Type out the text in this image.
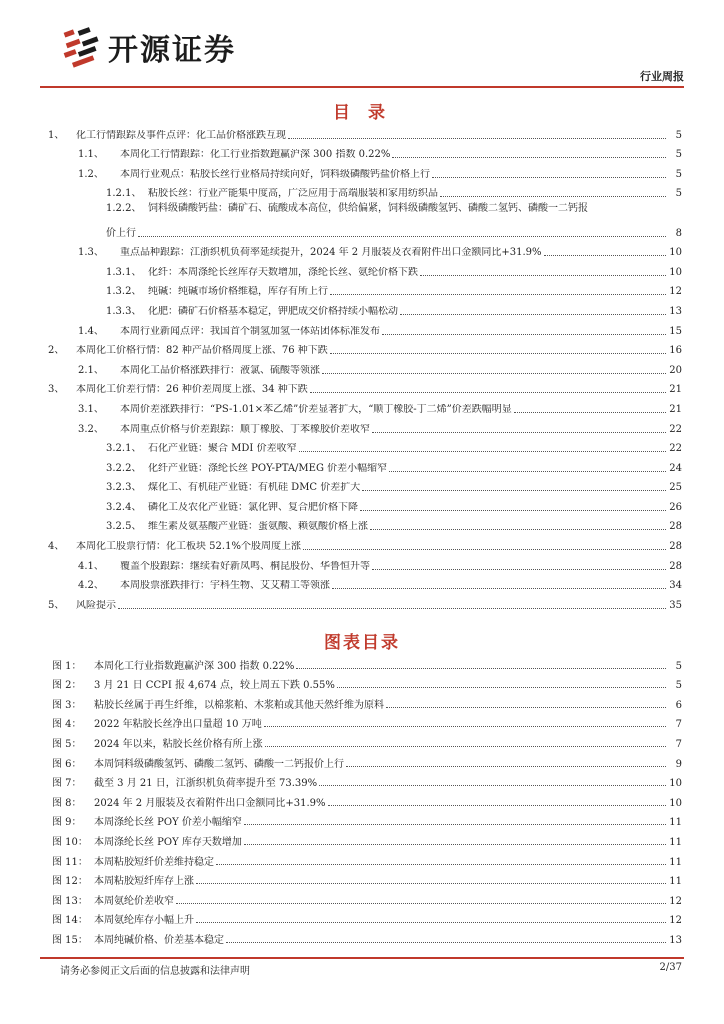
开源证券
行业周报
目 录
1、	化工行情跟踪及事件点评：化工品价格涨跌互现	5
1.1、	本周化工行情跟踪：化工行业指数跑赢沪深 300 指数 0.22%	5
1.2、	本周行业观点：粘胶长丝行业格局持续向好，饲料级磷酸钙盐价格上行	5
1.2.1、 粘胶长丝：行业产能集中度高，广泛应用于高端服装和家用纺织品	5
1.2.2、 饲料级磷酸钙盐：磷矿石、硫酸成本高位，供给偏紧，饲料级磷酸氢钙、磷酸二氢钙、磷酸一二钙报
价上行	8
1.3、	重点品种跟踪：江浙织机负荷率延续提升，2024 年 2 月服装及衣着附件出口金额同比+31.9%	10
1.3.1、 化纤：本周涤纶长丝库存天数增加，涤纶长丝、氨纶价格下跌	10
1.3.2、 纯碱：纯碱市场价格维稳，库存有所上行	12
1.3.3、 化肥：磷矿石价格基本稳定，钾肥成交价格持续小幅松动	13
1.4、	本周行业新闻点评：我国首个制氢加氢一体站团体标准发布	15
2、	本周化工价格行情：82 种产品价格周度上涨、76 种下跌	16
2.1、	本周化工品价格涨跌排行：液氯、硫酸等领涨	20
3、	本周化工价差行情：26 种价差周度上涨、34 种下跌	21
3.1、	本周价差涨跌排行：“PS-1.01×苯乙烯”价差显著扩大，“顺丁橡胶-丁二烯”价差跌幅明显	21
3.2、	本周重点价格与价差跟踪：顺丁橡胶、丁苯橡胶价差收窄	22
3.2.1、 石化产业链：聚合 MDI 价差收窄	22
3.2.2、 化纤产业链：涤纶长丝 POY-PTA/MEG 价差小幅缩窄	24
3.2.3、 煤化工、有机硅产业链：有机硅 DMC 价差扩大	25
3.2.4、 磷化工及农化产业链：氯化钾、复合肥价格下降	26
3.2.5、 维生素及氨基酸产业链：蛋氨酸、赖氨酸价格上涨	28
4、	本周化工股票行情：化工板块 52.1%个股周度上涨	28
4.1、	覆盖个股跟踪：继续看好新凤鸣、桐昆股份、华鲁恒升等	28
4.2、	本周股票涨跌排行：宇科生物、艾艾精工等领涨	34
5、	风险提示	35
图表目录
图 1：	本周化工行业指数跑赢沪深 300 指数 0.22%	5
图 2：	3 月 21 日 CCPI 报 4,674 点，较上周五下跌 0.55%	5
图 3：	粘胶长丝属于再生纤维，以棉浆粕、木浆粕或其他天然纤维为原料	6
图 4：	2022 年粘胶长丝净出口量超 10 万吨	7
图 5：	2024 年以来，粘胶长丝价格有所上涨	7
图 6：	本周饲料级磷酸氢钙、磷酸二氢钙、磷酸一二钙报价上行	9
图 7：	截至 3 月 21 日，江浙织机负荷率提升至 73.39%	10
图 8：	2024 年 2 月服装及衣着附件出口金额同比+31.9%	10
图 9：	本周涤纶长丝 POY 价差小幅缩窄	11
图 10： 本周涤纶长丝 POY 库存天数增加	11
图 11： 本周粘胶短纤价差维持稳定	11
图 12： 本周粘胶短纤库存上涨	11
图 13： 本周氨纶价差收窄	12
图 14： 本周氨纶库存小幅上升	12
图 15： 本周纯碱价格、价差基本稳定	13
请务必参阅正文后面的信息披露和法律声明	2/37
